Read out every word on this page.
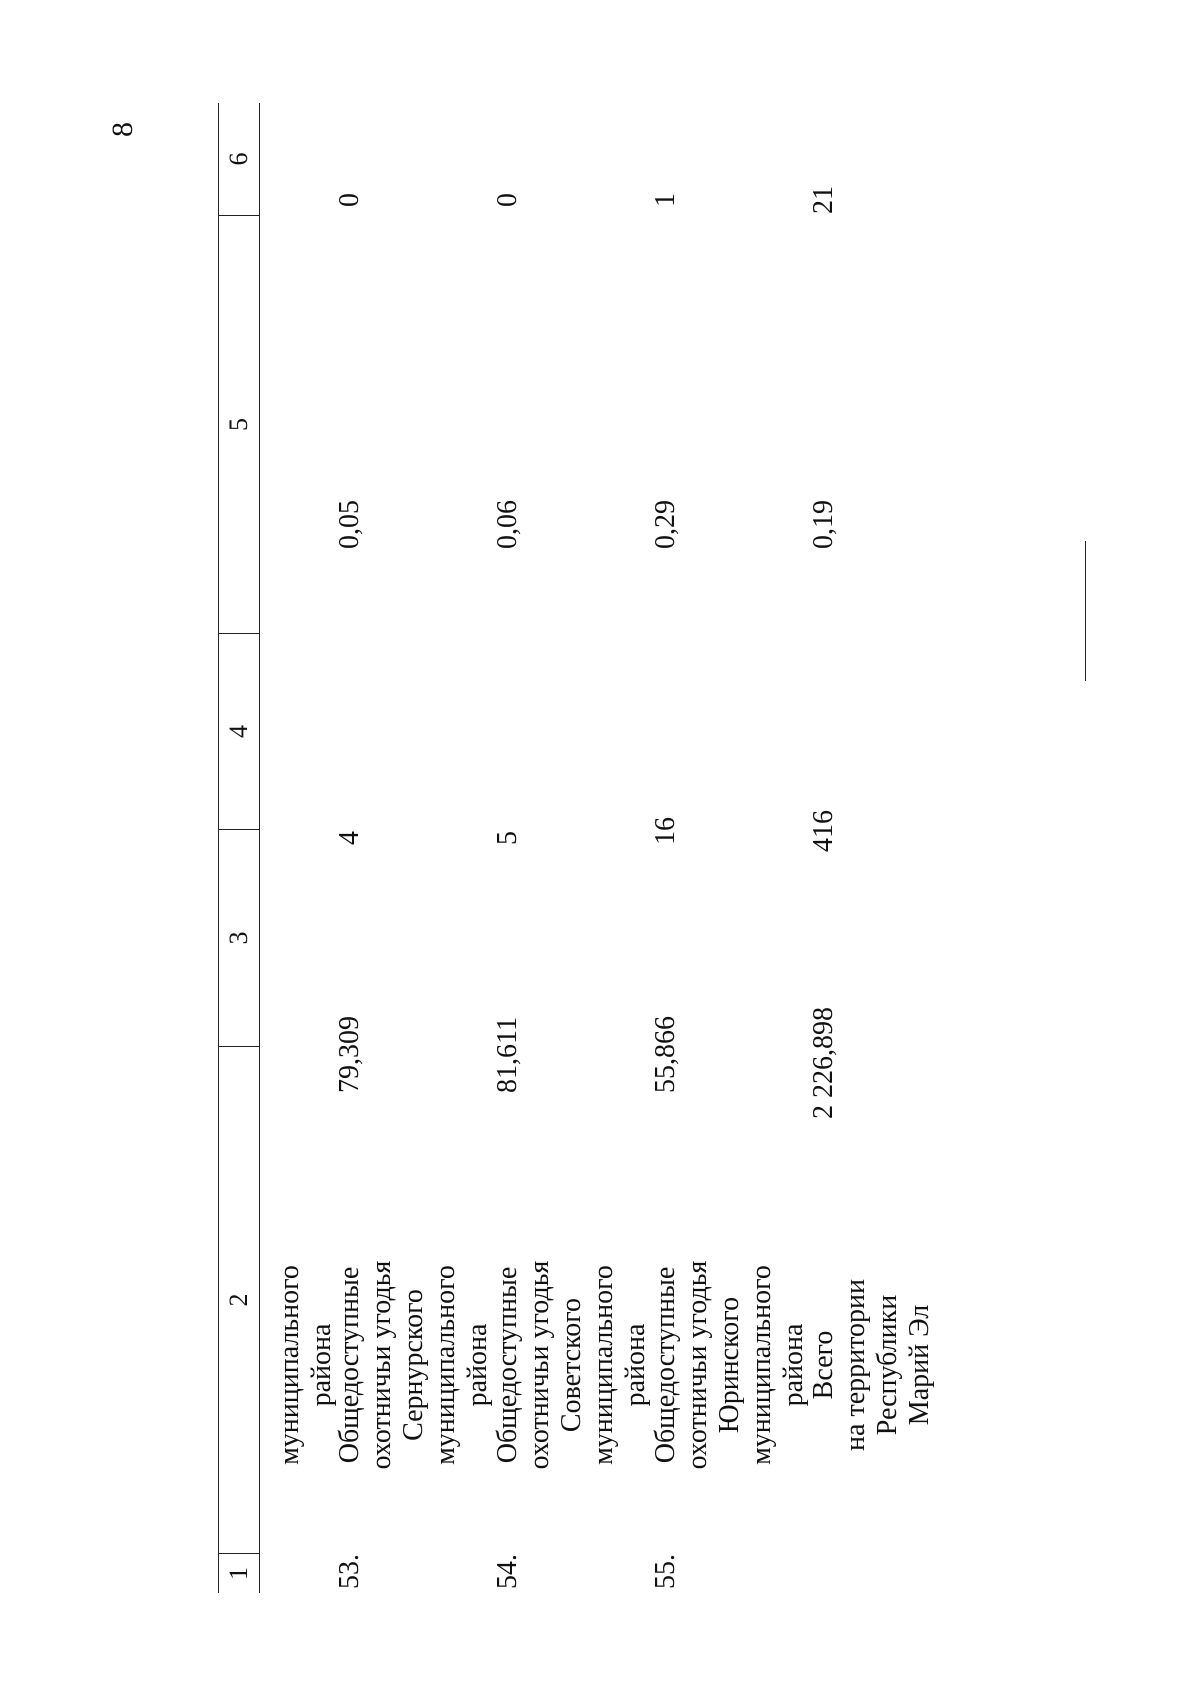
8
1
2
3
4
5
6
муниципального района
53.
Общедоступные охотничьи угодья Сернурского муниципального района
79,309
4
0,05
0
54.
Общедоступные охотничьи угодья Советского муниципального района
81,611
5
0,06
0
55.
Общедоступные охотничьи угодья Юринского муниципального района
55,866
16
0,29
1
Всего на территории Республики Марий Эл
2 226,898
416
0,19
21
